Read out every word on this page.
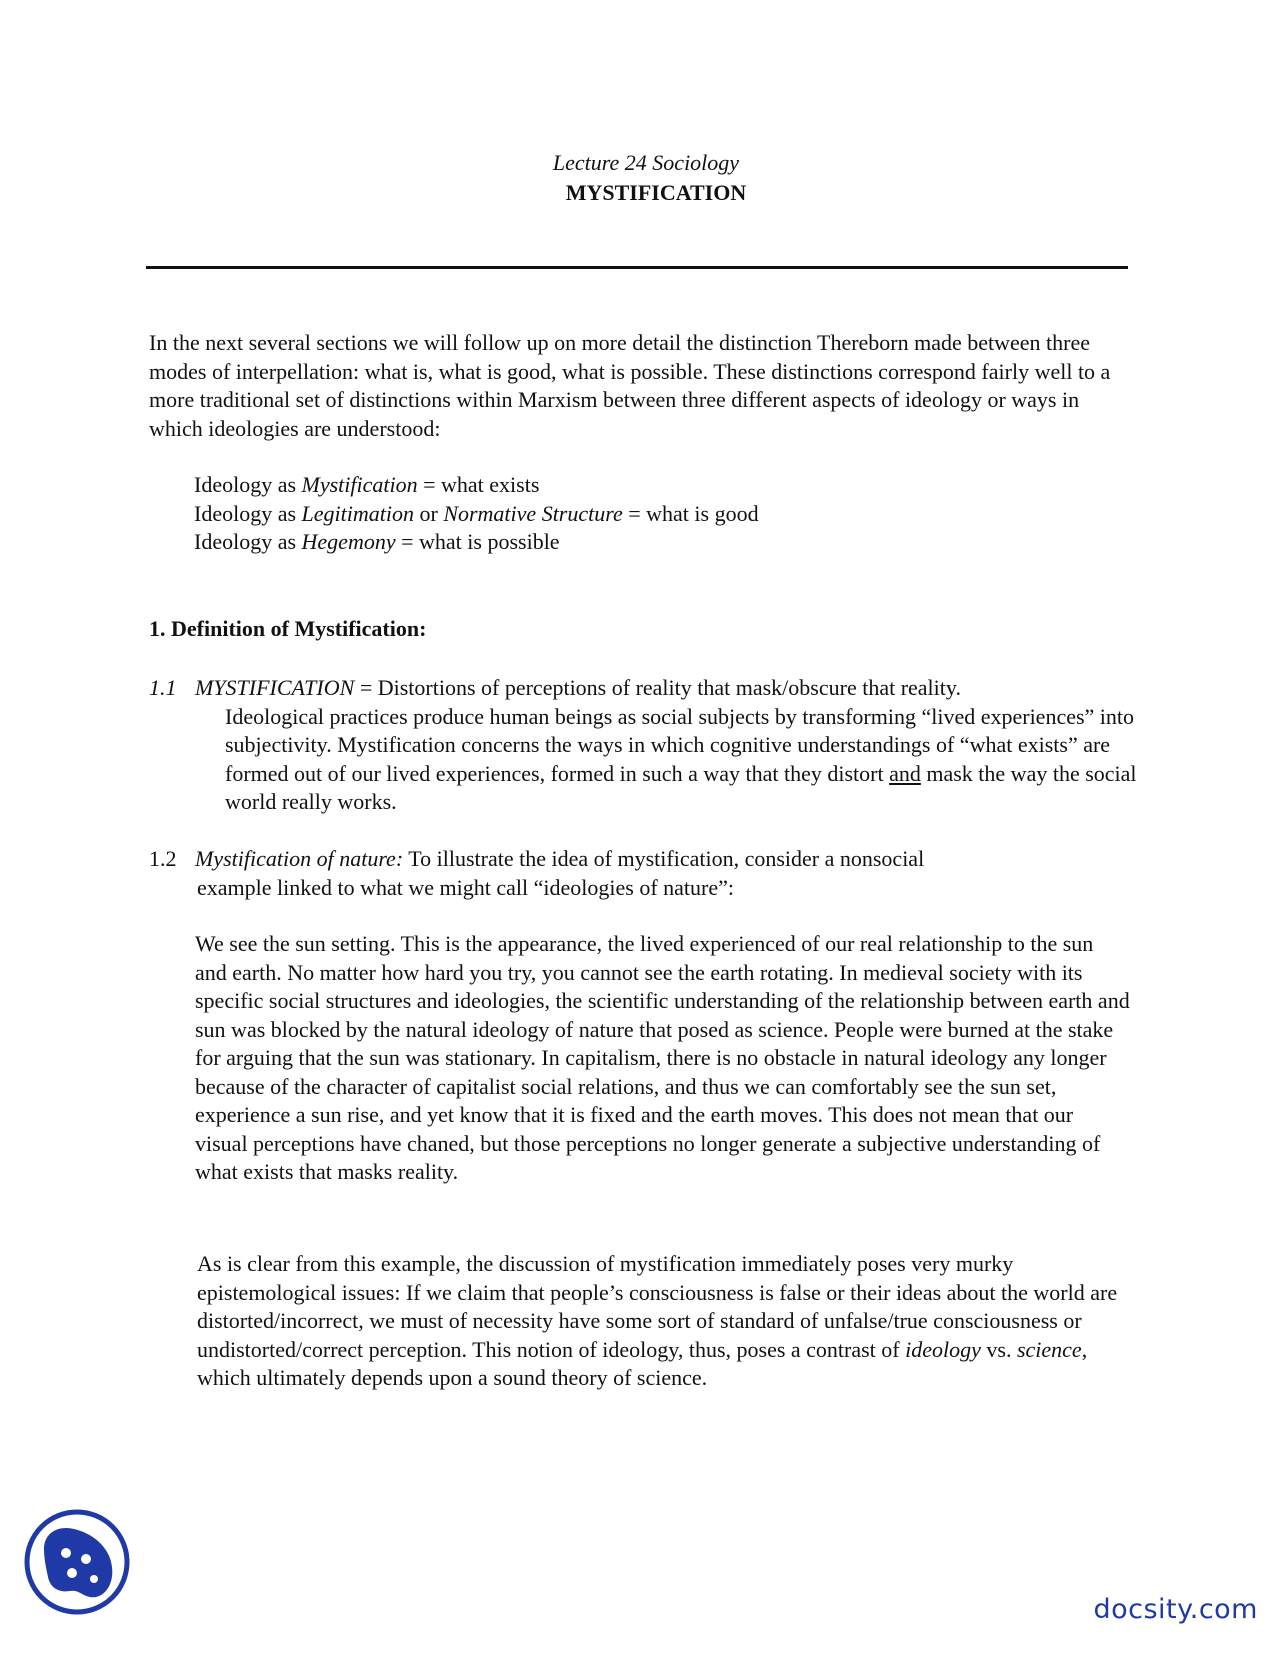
Lecture 24 Sociology
MYSTIFICATION

In the next several sections we will follow up on more detail the distinction Thereborn made between three modes of interpellation: what is, what is good, what is possible. These distinctions correspond fairly well to a more traditional set of distinctions within Marxism between three different aspects of ideology or ways in which ideologies are understood:

Ideology as Mystification = what exists
Ideology as Legitimation or Normative Structure = what is good
Ideology as Hegemony = what is possible
1. Definition of Mystification:
1.1 MYSTIFICATION = Distortions of perceptions of reality that mask/obscure that reality.
Ideological practices produce human beings as social subjects by transforming “lived experiences” into subjectivity. Mystification concerns the ways in which cognitive understandings of “what exists” are formed out of our lived experiences, formed in such a way that they distort and mask the way the social world really works.
1.2 Mystification of nature: To illustrate the idea of mystification, consider a nonsocial
example linked to what we might call “ideologies of nature”:

We see the sun setting. This is the appearance, the lived experienced of our real relationship to the sun and earth. No matter how hard you try, you cannot see the earth rotating. In medieval society with its specific social structures and ideologies, the scientific understanding of the relationship between earth and sun was blocked by the natural ideology of nature that posed as science. People were burned at the stake for arguing that the sun was stationary. In capitalism, there is no obstacle in natural ideology any longer because of the character of capitalist social relations, and thus we can comfortably see the sun set, experience a sun rise, and yet know that it is fixed and the earth moves. This does not mean that our visual perceptions have chaned, but those perceptions no longer generate a subjective understanding of what exists that masks reality.

As is clear from this example, the discussion of mystification immediately poses very murky epistemological issues: If we claim that people’s consciousness is false or their ideas about the world are distorted/incorrect, we must of necessity have some sort of standard of unfalse/true consciousness or undistorted/correct perception. This notion of ideology, thus, poses a contrast of ideology vs. science, which ultimately depends upon a sound theory of science.

docsity.com
